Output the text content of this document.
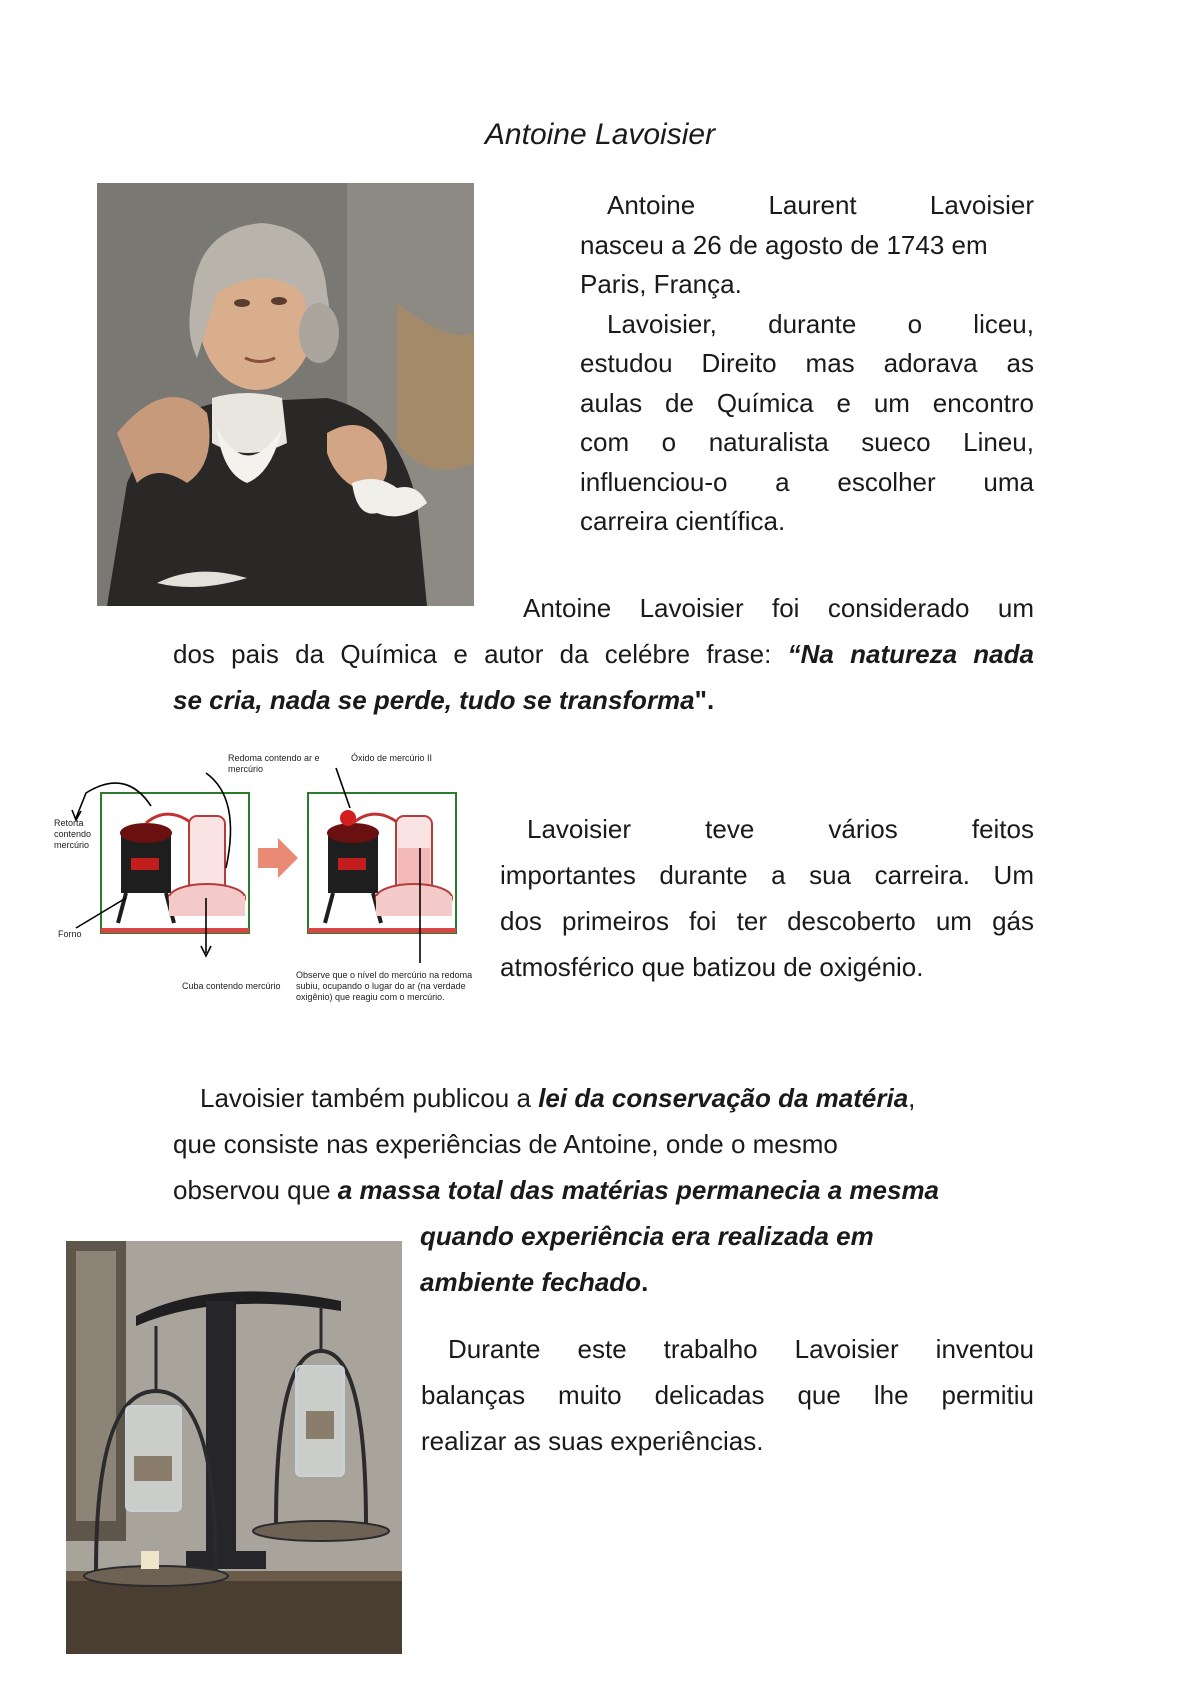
Antoine Lavoisier
Antoine Laurent Lavoisier
nasceu a 26 de agosto de 1743 em
Paris, França.
Lavoisier, durante o liceu,
estudou Direito mas adorava as
aulas de Química e um encontro
com o naturalista sueco Lineu,
influenciou-o a escolher uma
carreira científica.
Antoine Lavoisier foi considerado um
dos pais da Química e autor da celébre frase: “Na natureza nada
se cria, nada se perde, tudo se transforma".
Retorta contendo mercúrio
Forno
Redoma contendo ar e mercúrio
Cuba contendo mercúrio
Óxido de mercúrio II
Observe que o nível do mercúrio na redoma subiu, ocupando o lugar do ar (na verdade oxigênio) que reagiu com o mercúrio.
Lavoisier teve vários feitos
importantes durante a sua carreira. Um
dos primeiros foi ter descoberto um gás
atmosférico que batizou de oxigénio.
Lavoisier também publicou a lei da conservação da matéria,
que consiste nas experiências de Antoine, onde o mesmo
observou que a massa total das matérias permanecia a mesma
quando experiência era realizada em
ambiente fechado.
Durante este trabalho Lavoisier inventou
balanças muito delicadas que lhe permitiu
realizar as suas experiências.
